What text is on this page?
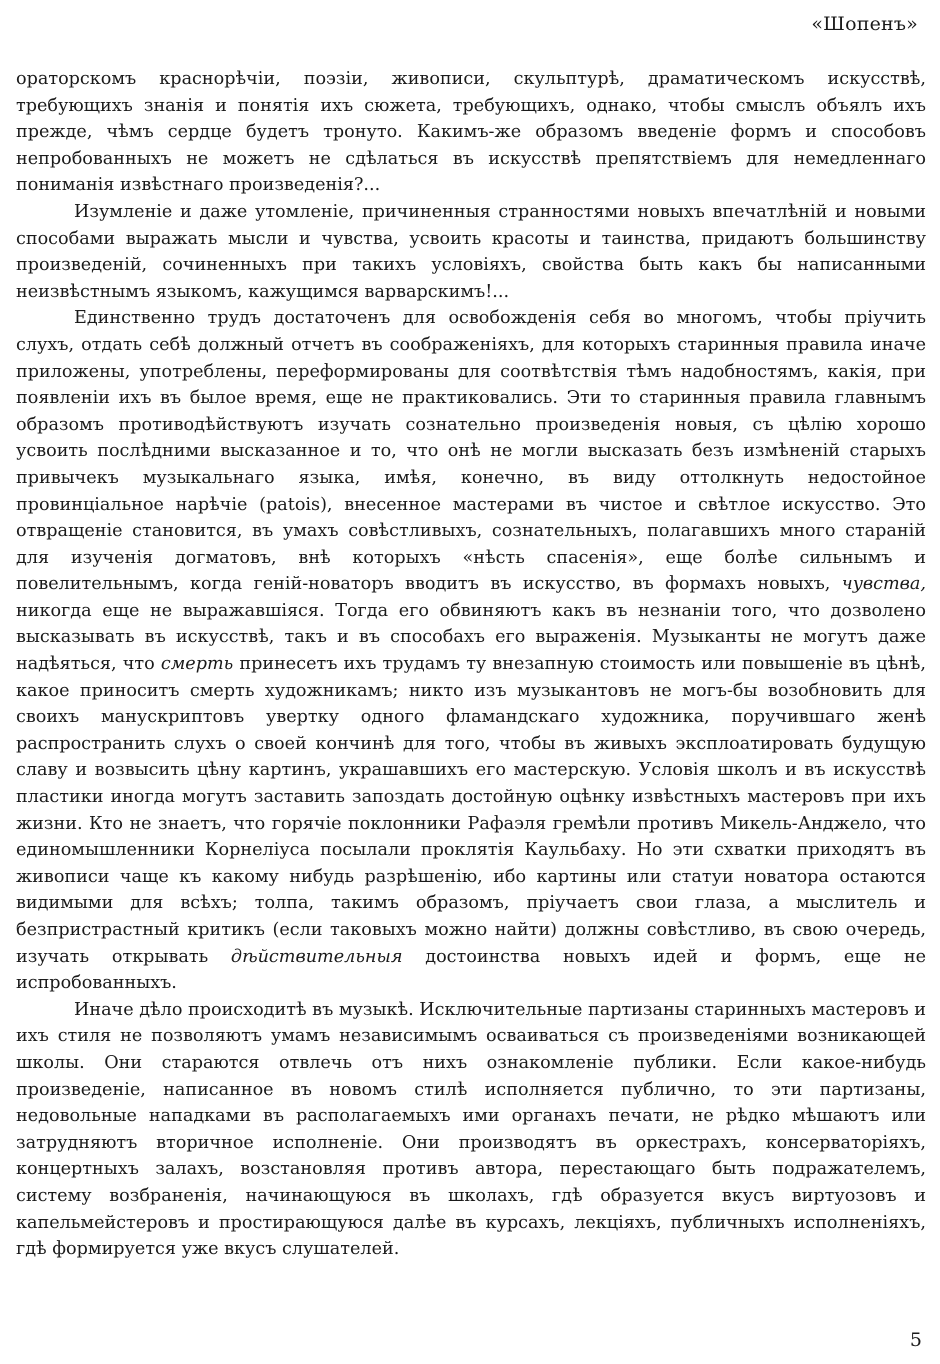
«Шопенъ»

ораторскомъ краснорѣчіи, поэзіи, живописи, скульптурѣ, драматическомъ искусствѣ, требующихъ знанія и понятія ихъ сюжета, требующихъ, однако, чтобы смыслъ объялъ ихъ прежде, чѣмъ сердце будетъ тронуто. Какимъ-же образомъ введеніе формъ и способовъ непробованныхъ не можетъ не сдѣлаться въ искусствѣ препятствіемъ для немедленнаго пониманія извѣстнаго произведенія?...

Изумленіе и даже утомленіе, причиненныя странностями новыхъ впечатлѣній и новыми способами выражать мысли и чувства, усвоить красоты и таинства, придаютъ большинству произведеній, сочиненныхъ при такихъ условіяхъ, свойства быть какъ бы написанными неизвѣстнымъ языкомъ, кажущимся варварскимъ!...

Единственно трудъ достаточенъ для освобожденія себя во многомъ, чтобы пріучить слухъ, отдать себѣ должный отчетъ въ соображеніяхъ, для которыхъ старинныя правила иначе приложены, употреблены, переформированы для соотвѣтствія тѣмъ надобностямъ, какія, при появленіи ихъ въ былое время, еще не практиковались. Эти то старинныя правила главнымъ образомъ противодѣйствуютъ изучать сознательно произведенія новыя, съ цѣлію хорошо усвоить послѣдними высказанное и то, что онѣ не могли высказать безъ измѣненій старыхъ привычекъ музыкальнаго языка, имѣя, конечно, въ виду оттолкнуть недостойное провинціальное нарѣчіе (patois), внесенное мастерами въ чистое и свѣтлое искусство. Это отвращеніе становится, въ умахъ совѣстливыхъ, сознательныхъ, полагавшихъ много стараній для изученія догматовъ, внѣ которыхъ «нѣсть спасенія», еще болѣе сильнымъ и повелительнымъ, когда геній-новаторъ вводитъ въ искусство, въ формахъ новыхъ, чувства, никогда еще не выражавшіяся. Тогда его обвиняютъ какъ въ незнаніи того, что дозволено высказывать въ искусствѣ, такъ и въ способахъ его выраженія. Музыканты не могутъ даже надѣяться, что смерть принесетъ ихъ трудамъ ту внезапную стоимость или повышеніе въ цѣнѣ, какое приноситъ смерть художникамъ; никто изъ музыкантовъ не могъ-бы возобновить для своихъ манускриптовъ увертку одного фламандскаго художника, поручившаго женѣ распространить слухъ о своей кончинѣ для того, чтобы въ живыхъ эксплоатировать будущую славу и возвысить цѣну картинъ, украшавшихъ его мастерскую. Условія школъ и въ искусствѣ пластики иногда могутъ заставить запоздать достойную оцѣнку извѣстныхъ мастеровъ при ихъ жизни. Кто не знаетъ, что горячіе поклонники Рафаэля гремѣли противъ Микель-Анджело, что единомышленники Корнеліуса посылали проклятія Каульбаху. Но эти схватки приходятъ въ живописи чаще къ какому нибудь разрѣшенію, ибо картины или статуи новатора остаются видимыми для всѣхъ; толпа, такимъ образомъ, пріучаетъ свои глаза, а мыслитель и безпристрастный критикъ (если таковыхъ можно найти) должны совѣстливо, въ свою очередь, изучать открывать дѣйствительныя достоинства новыхъ идей и формъ, еще не испробованныхъ.

Иначе дѣло происходитѣ въ музыкѣ. Исключительные партизаны старинныхъ мастеровъ и ихъ стиля не позволяютъ умамъ независимымъ осваиваться съ произведеніями возникающей школы. Они стараются отвлечь отъ нихъ ознакомленіе публики. Если какое-нибудь произведеніе, написанное въ новомъ стилѣ исполняется публично, то эти партизаны, недовольные нападками въ располагаемыхъ ими органахъ печати, не рѣдко мѣшаютъ или затрудняютъ вторичное исполненіе. Они производятъ въ оркестрахъ, консерваторіяхъ, концертныхъ залахъ, возстановляя противъ автора, перестающаго быть подражателемъ, систему возбраненія, начинающуюся въ школахъ, гдѣ образуется вкусъ виртуозовъ и капельмейстеровъ и простирающуюся далѣе въ курсахъ, лекціяхъ, публичныхъ исполненіяхъ, гдѣ формируется уже вкусъ слушателей.

5
